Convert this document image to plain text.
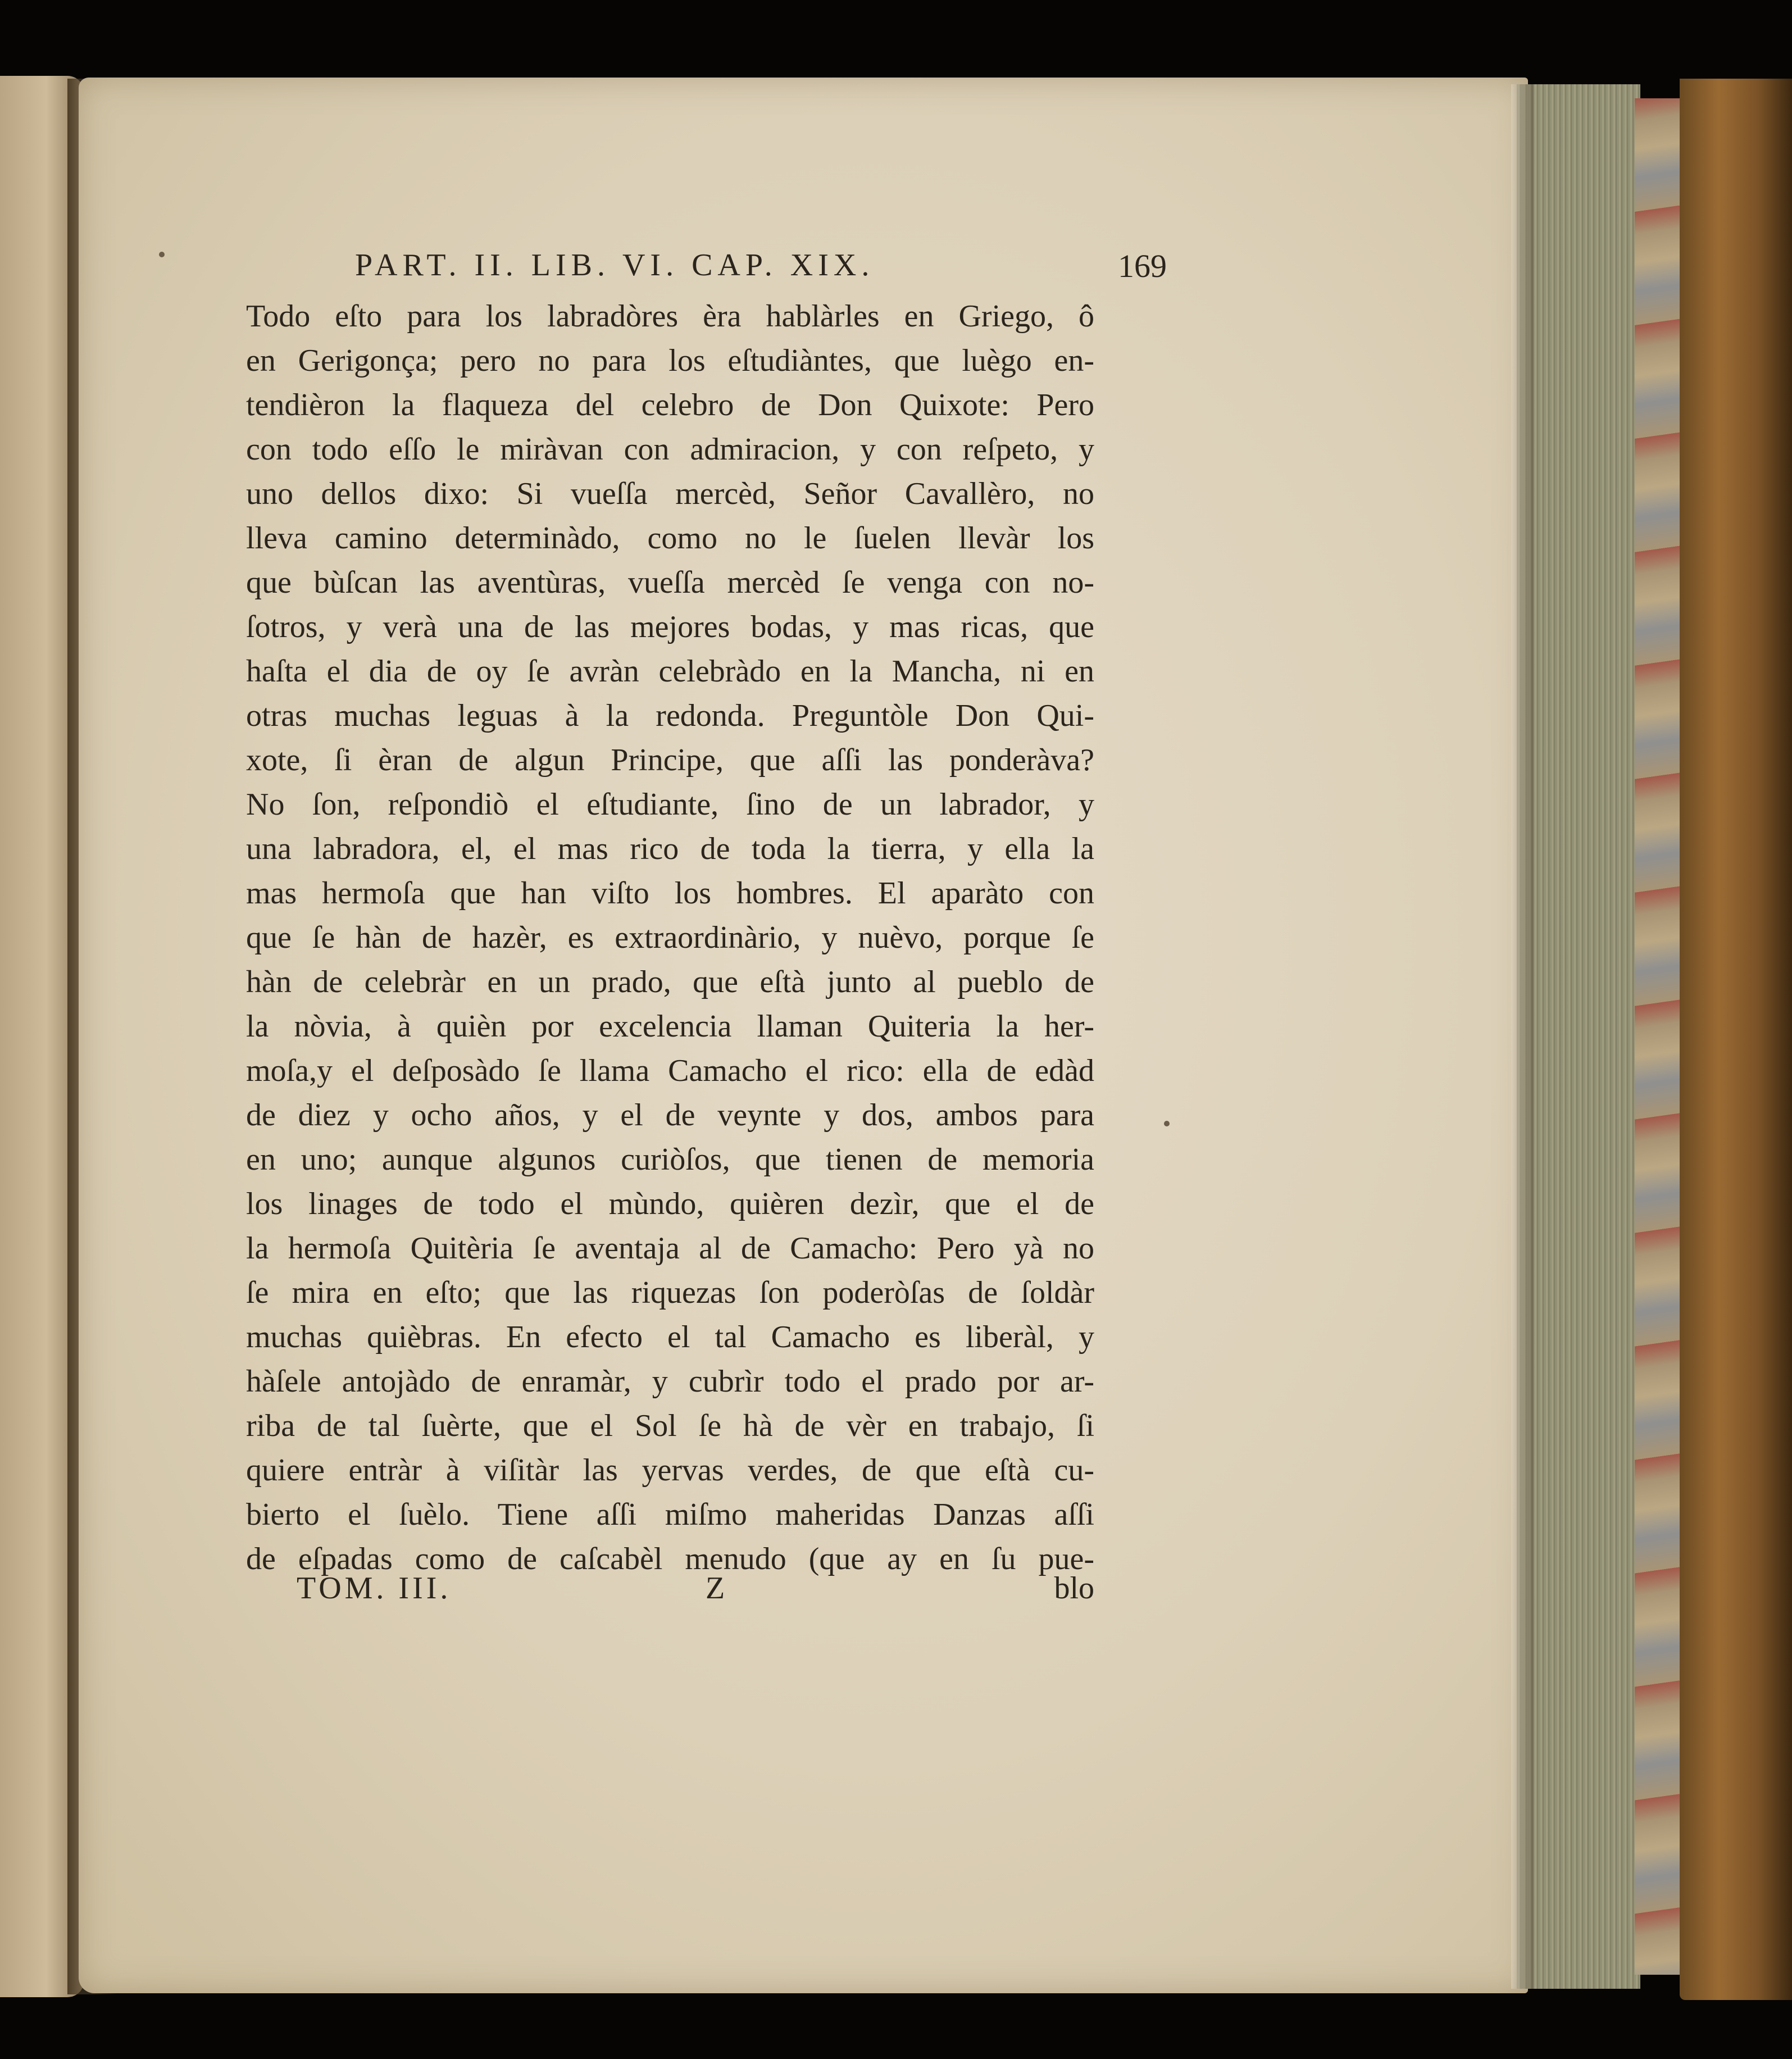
PART. II. LIB. VI. CAP. XIX.	169
Todo eſto para los labradòres èra hablàrles en Griego, ô
en Gerigonça; pero no para los eſtudiàntes, que luègo en-
tendièron la flaqueza del celebro de Don Quixote: Pero
con todo eſſo le miràvan con admiracion, y con reſpeto, y
uno dellos dixo: Si vueſſa mercèd, Señor Cavallèro, no
lleva camino determinàdo, como no le ſuelen llevàr los
que bùſcan las aventùras, vueſſa mercèd ſe venga con no-
ſotros, y verà una de las mejores bodas, y mas ricas, que
haſta el dia de oy ſe avràn celebràdo en la Mancha, ni en
otras muchas leguas à la redonda. Preguntòle Don Qui-
xote, ſi èran de algun Principe, que aſſi las ponderàva?
No ſon, reſpondiò el eſtudiante, ſino de un labrador, y
una labradora, el, el mas rico de toda la tierra, y ella la
mas hermoſa que han viſto los hombres. El aparàto con
que ſe hàn de hazèr, es extraordinàrio, y nuèvo, porque ſe
hàn de celebràr en un prado, que eſtà junto al pueblo de
la nòvia, à quièn por excelencia llaman Quiteria la her-
moſa,y el deſposàdo ſe llama Camacho el rico: ella de edàd
de diez y ocho años, y el de veynte y dos, ambos para
en uno; aunque algunos curiòſos, que tienen de memoria
los linages de todo el mùndo, quièren dezìr, que el de
la hermoſa Quitèria ſe aventaja al de Camacho: Pero yà no
ſe mira en eſto; que las riquezas ſon poderòſas de ſoldàr
muchas quièbras. En efecto el tal Camacho es liberàl, y
hàſele antojàdo de enramàr, y cubrìr todo el prado por ar-
riba de tal ſuèrte, que el Sol ſe hà de vèr en trabajo, ſi
quiere entràr à viſitàr las yervas verdes, de que eſtà cu-
bierto el ſuèlo. Tiene aſſi miſmo maheridas Danzas aſſi
de eſpadas como de caſcabèl menudo (que ay en ſu pue-
TOM. III.	Z	blo
